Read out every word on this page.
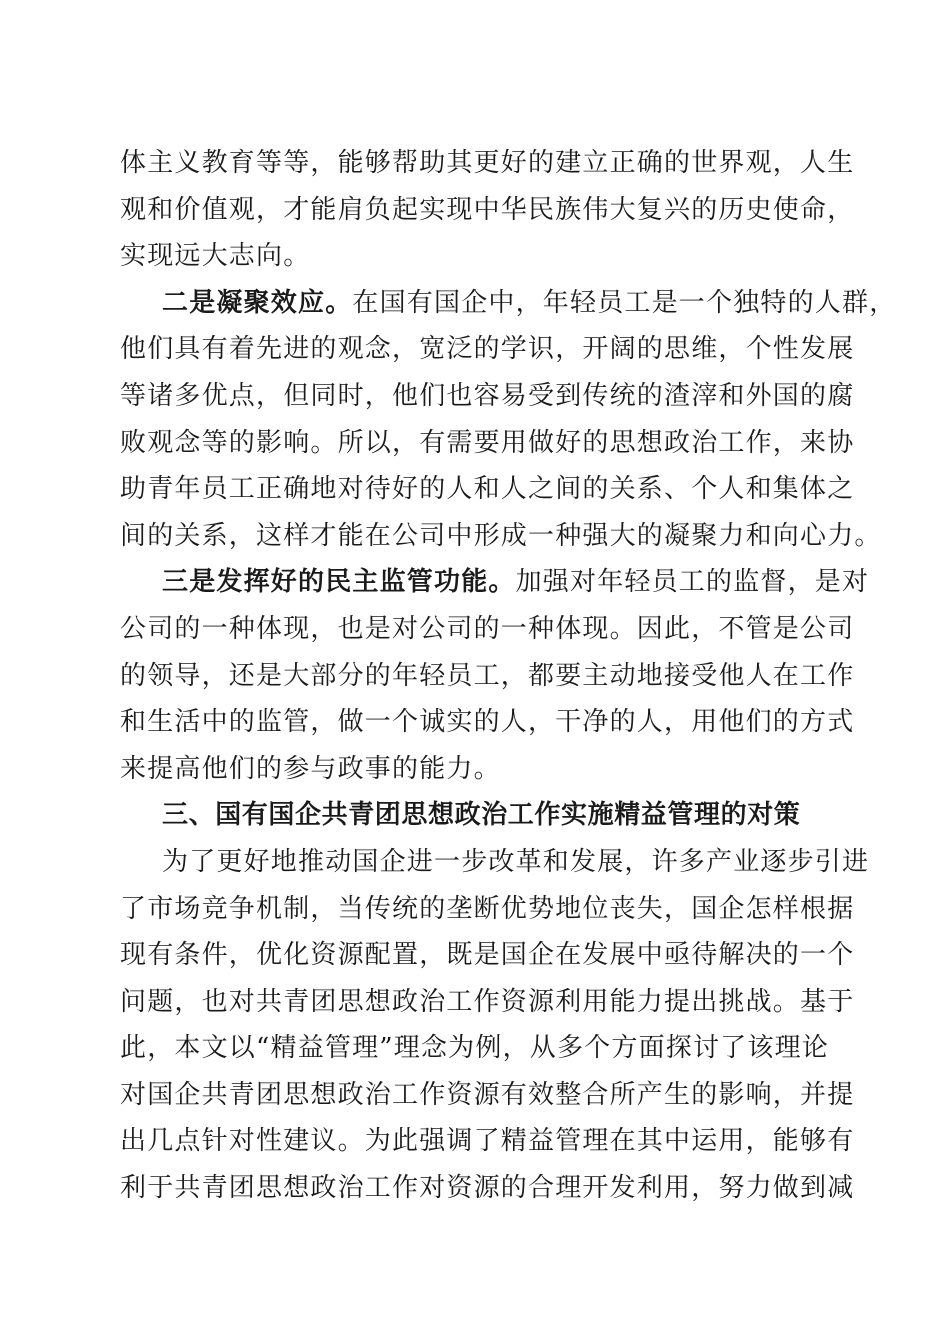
体主义教育等等，能够帮助其更好的建立正确的世界观，人生
观和价值观，才能肩负起实现中华民族伟大复兴的历史使命，
实现远大志向。
二是凝聚效应。在国有国企中，年轻员工是一个独特的人群，
他们具有着先进的观念，宽泛的学识，开阔的思维，个性发展
等诸多优点，但同时，他们也容易受到传统的渣滓和外国的腐
败观念等的影响。所以，有需要用做好的思想政治工作，来协
助青年员工正确地对待好的人和人之间的关系、个人和集体之
间的关系，这样才能在公司中形成一种强大的凝聚力和向心力。
三是发挥好的民主监管功能。加强对年轻员工的监督，是对
公司的一种体现，也是对公司的一种体现。因此，不管是公司
的领导，还是大部分的年轻员工，都要主动地接受他人在工作
和生活中的监管，做一个诚实的人，干净的人，用他们的方式
来提高他们的参与政事的能力。
三、国有国企共青团思想政治工作实施精益管理的对策
为了更好地推动国企进一步改革和发展，许多产业逐步引进
了市场竞争机制，当传统的垄断优势地位丧失，国企怎样根据
现有条件，优化资源配置，既是国企在发展中亟待解决的一个
问题，也对共青团思想政治工作资源利用能力提出挑战。基于
此，本文以“精益管理”理念为例，从多个方面探讨了该理论
对国企共青团思想政治工作资源有效整合所产生的影响，并提
出几点针对性建议。为此强调了精益管理在其中运用，能够有
利于共青团思想政治工作对资源的合理开发利用，努力做到减
